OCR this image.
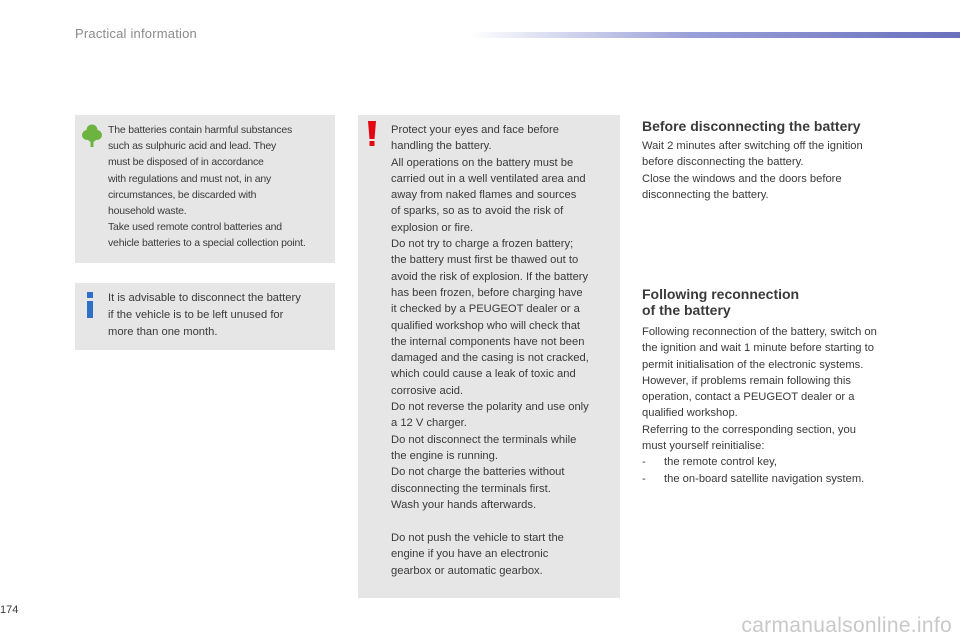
Practical information
The batteries contain harmful substances
such as sulphuric acid and lead. They
must be disposed of in accordance
with regulations and must not, in any
circumstances, be discarded with
household waste.
Take used remote control batteries and
vehicle batteries to a special collection point.
It is advisable to disconnect the battery
if the vehicle is to be left unused for
more than one month.
Protect your eyes and face before
handling the battery.
All operations on the battery must be
carried out in a well ventilated area and
away from naked flames and sources
of sparks, so as to avoid the risk of
explosion or fire.
Do not try to charge a frozen battery;
the battery must first be thawed out to
avoid the risk of explosion. If the battery
has been frozen, before charging have
it checked by a PEUGEOT dealer or a
qualified workshop who will check that
the internal components have not been
damaged and the casing is not cracked,
which could cause a leak of toxic and
corrosive acid.
Do not reverse the polarity and use only
a 12 V charger.
Do not disconnect the terminals while
the engine is running.
Do not charge the batteries without
disconnecting the terminals first.
Wash your hands afterwards.
Do not push the vehicle to start the
engine if you have an electronic
gearbox or automatic gearbox.
Before disconnecting the battery
Wait 2 minutes after switching off the ignition
before disconnecting the battery.
Close the windows and the doors before
disconnecting the battery.
Following reconnection
of the battery
Following reconnection of the battery, switch on
the ignition and wait 1 minute before starting to
permit initialisation of the electronic systems.
However, if problems remain following this
operation, contact a PEUGEOT dealer or a
qualified workshop.
Referring to the corresponding section, you
must yourself reinitialise:
-	the remote control key,
-	the on-board satellite navigation system.
174
carmanualsonline.info
